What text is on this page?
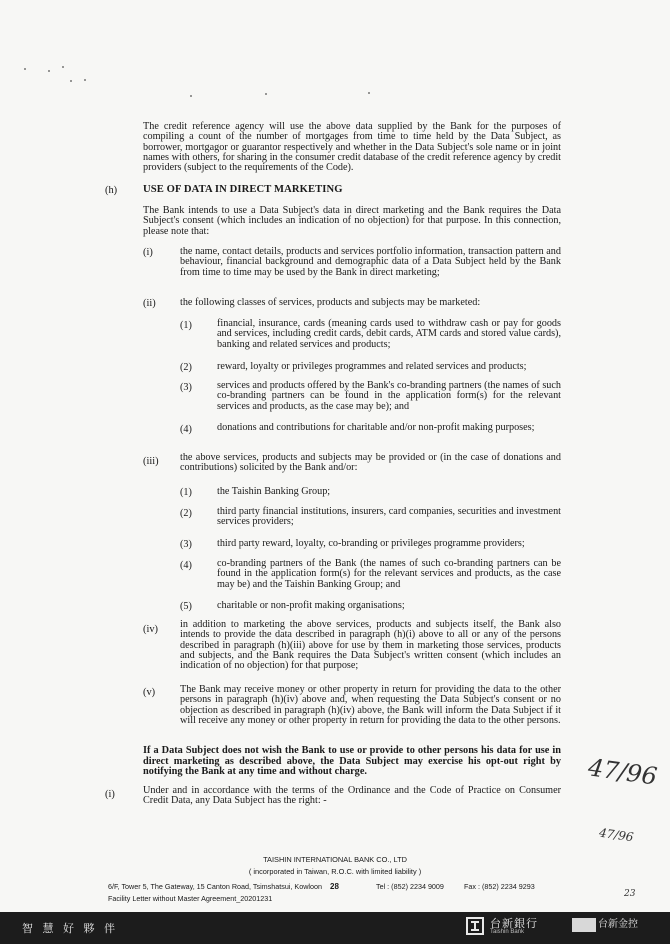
The credit reference agency will use the above data supplied by the Bank for the purposes of compiling a count of the number of mortgages from time to time held by the Data Subject, as borrower, mortgagor or guarantor respectively and whether in the Data Subject's sole name or in joint names with others, for sharing in the consumer credit database of the credit reference agency by credit providers (subject to the requirements of the Code).

(h) USE OF DATA IN DIRECT MARKETING

The Bank intends to use a Data Subject's data in direct marketing and the Bank requires the Data Subject's consent (which includes an indication of no objection) for that purpose. In this connection, please note that:

(i)	the name, contact details, products and services portfolio information, transaction pattern and behaviour, financial background and demographic data of a Data Subject held by the Bank from time to time may be used by the Bank in direct marketing;

(ii) the following classes of services, products and subjects may be marketed:

(1) financial, insurance, cards (meaning cards used to withdraw cash or pay for goods and services, including credit cards, debit cards, ATM cards and stored value cards), banking and related services and products;

(2) reward, loyalty or privileges programmes and related services and products;

(3) services and products offered by the Bank's co-branding partners (the names of such co-branding partners can be found in the application form(s) for the relevant services and products, as the case may be); and

(4) donations and contributions for charitable and/or non-profit making purposes;

(iii) the above services, products and subjects may be provided or (in the case of donations and contributions) solicited by the Bank and/or:

(1) the Taishin Banking Group;

(2) third party financial institutions, insurers, card companies, securities and investment services providers;

(3) third party reward, loyalty, co-branding or privileges programme providers;

(4) co-branding partners of the Bank (the names of such co-branding partners can be found in the application form(s) for the relevant services and products, as the case may be) and the Taishin Banking Group; and

(5) charitable or non-profit making organisations;

(iv) in addition to marketing the above services, products and subjects itself, the Bank also intends to provide the data described in paragraph (h)(i) above to all or any of the persons described in paragraph (h)(iii) above for use by them in marketing those services, products and subjects, and the Bank requires the Data Subject's written consent (which includes an indication of no objection) for that purpose;

(v) The Bank may receive money or other property in return for providing the data to the other persons in paragraph (h)(iv) above and, when requesting the Data Subject's consent or no objection as described in paragraph (h)(iv) above, the Bank will inform the Data Subject if it will receive any money or other property in return for providing the data to the other persons.

If a Data Subject does not wish the Bank to use or provide to other persons his data for use in direct marketing as described above, the Data Subject may exercise his opt-out right by notifying the Bank at any time and without charge.

(i)	Under and in accordance with the terms of the Ordinance and the Code of Practice on Consumer Credit Data, any Data Subject has the right: -

47/96
47/96
23
TAISHIN INTERNATIONAL BANK CO., LTD
( incorporated in Taiwan, R.O.C. with limited liability )
6/F, Tower 5, The Gateway, 15 Canton Road, Tsimshatsui, Kowloon 28	Tel : (852) 2234 9009	Fax : (852) 2234 9293
Facility Letter without Master Agreement_20201231
智 慧 好 夥 伴	台新銀行
Taishin Bank
台新金控
